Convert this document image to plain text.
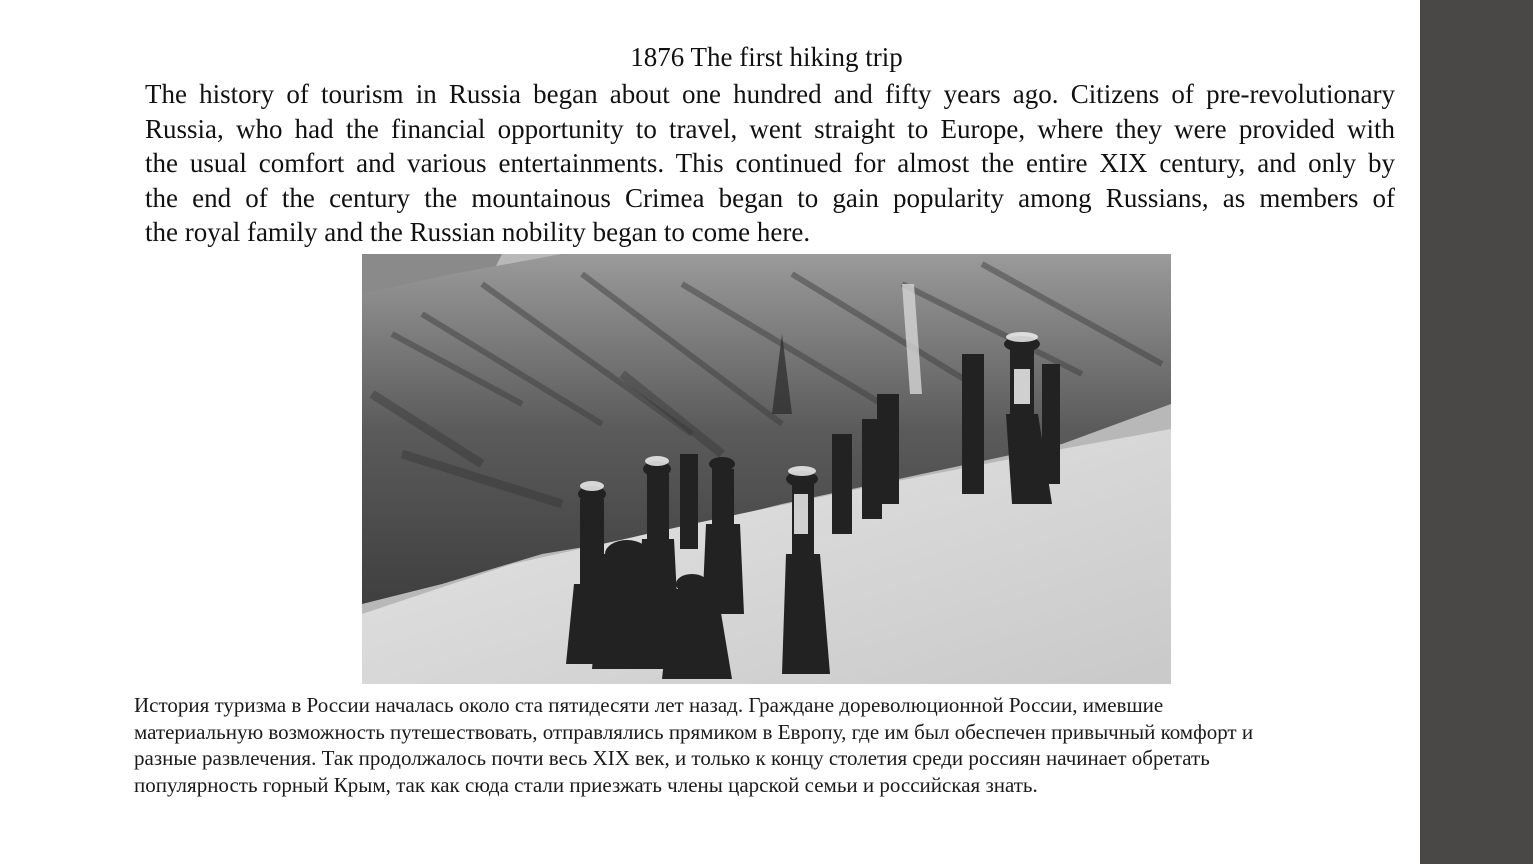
1876 The first hiking trip

The history of tourism in Russia began about one hundred and fifty years ago. Citizens of pre-revolutionary
Russia, who had the financial opportunity to travel, went straight to Europe, where they were provided with
the usual comfort and various entertainments. This continued for almost the entire XIX century, and only by
the end of the century the mountainous Crimea began to gain popularity among Russians, as members of
the royal family and the Russian nobility began to come here.

История туризма в России началась около ста пятидесяти лет назад. Граждане дореволюционной России, имевшие
материальную возможность путешествовать, отправлялись прямиком в Европу, где им был обеспечен привычный комфорт и
разные развлечения. Так продолжалось почти весь XIX век, и только к концу столетия среди россиян начинает обретать
популярность горный Крым, так как сюда стали приезжать члены царской семьи и российская знать.
